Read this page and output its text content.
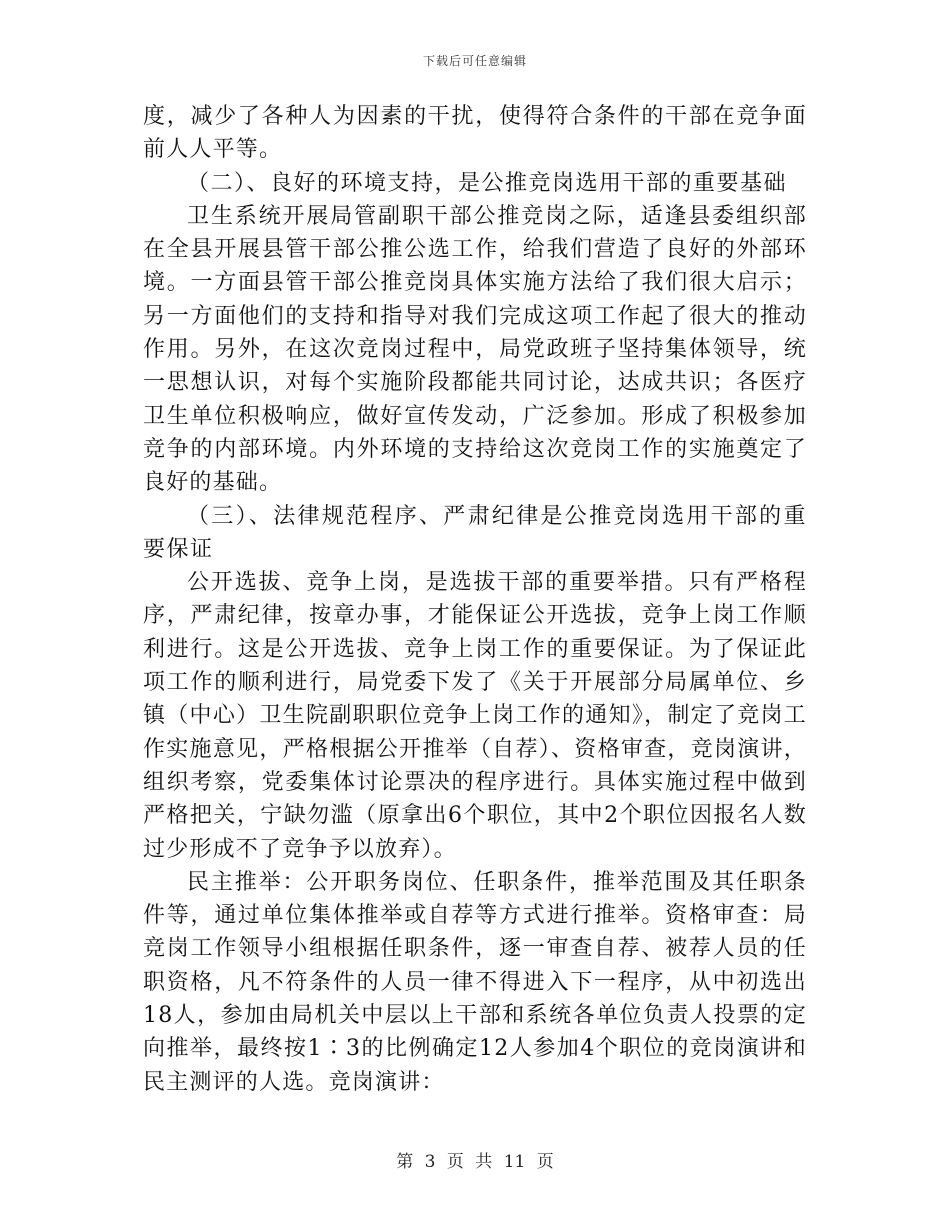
下载后可任意编辑

度，减少了各种人为因素的干扰，使得符合条件的干部在竞争面前人人平等。

（二）、良好的环境支持，是公推竞岗选用干部的重要基础

卫生系统开展局管副职干部公推竞岗之际，适逢县委组织部在全县开展县管干部公推公选工作，给我们营造了良好的外部环境。一方面县管干部公推竞岗具体实施方法给了我们很大启示；另一方面他们的支持和指导对我们完成这项工作起了很大的推动作用。另外，在这次竞岗过程中，局党政班子坚持集体领导，统一思想认识，对每个实施阶段都能共同讨论，达成共识；各医疗卫生单位积极响应，做好宣传发动，广泛参加。形成了积极参加竞争的内部环境。内外环境的支持给这次竞岗工作的实施奠定了良好的基础。

（三）、法律规范程序、严肃纪律是公推竞岗选用干部的重要保证

公开选拔、竞争上岗，是选拔干部的重要举措。只有严格程序，严肃纪律，按章办事，才能保证公开选拔，竞争上岗工作顺利进行。这是公开选拔、竞争上岗工作的重要保证。为了保证此项工作的顺利进行，局党委下发了《关于开展部分局属单位、乡镇（中心）卫生院副职职位竞争上岗工作的通知》，制定了竞岗工作实施意见，严格根据公开推举（自荐）、资格审查，竞岗演讲，组织考察，党委集体讨论票决的程序进行。具体实施过程中做到严格把关，宁缺勿滥（原拿出6个职位，其中2个职位因报名人数过少形成不了竞争予以放弃）。

民主推举：公开职务岗位、任职条件，推举范围及其任职条件等，通过单位集体推举或自荐等方式进行推举。资格审查：局竞岗工作领导小组根据任职条件，逐一审查自荐、被荐人员的任职资格，凡不符条件的人员一律不得进入下一程序，从中初选出18人，参加由局机关中层以上干部和系统各单位负责人投票的定向推举，最终按1∶3的比例确定12人参加4个职位的竞岗演讲和民主测评的人选。竞岗演讲：

第 3 页 共 11 页
